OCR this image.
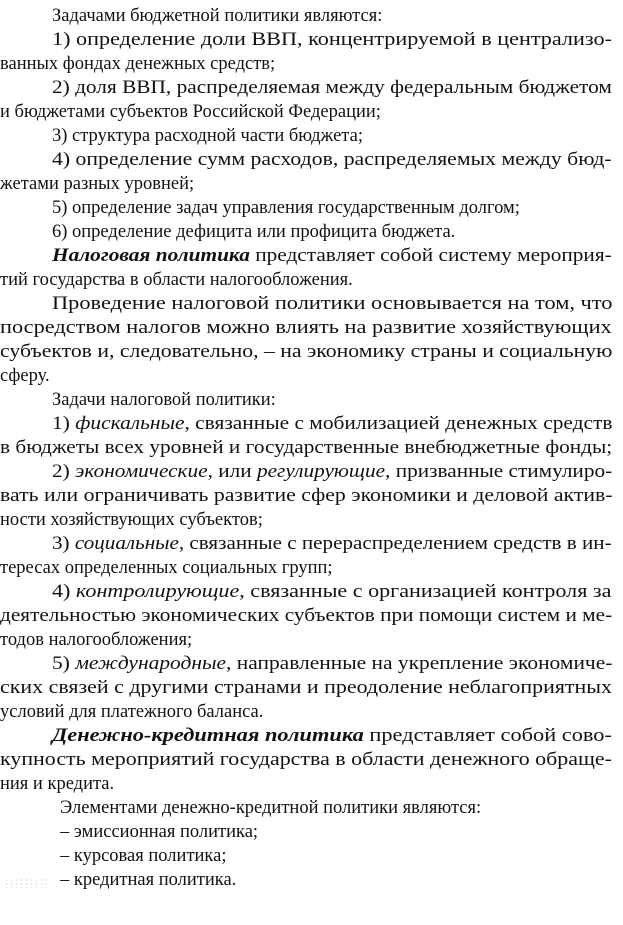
Задачами бюджетной политики являются:
1) определение доли ВВП, концентрируемой в централизо-
ванных фондах денежных средств;
2) доля ВВП, распределяемая между федеральным бюджетом
и бюджетами субъектов Российской Федерации;
3) структура расходной части бюджета;
4) определение сумм расходов, распределяемых между бюд-
жетами разных уровней;
5) определение задач управления государственным долгом;
6) определение дефицита или профицита бюджета.
Налоговая политика представляет собой систему мероприя-
тий государства в области налогообложения.
Проведение налоговой политики основывается на том, что
посредством налогов можно влиять на развитие хозяйствующих
субъектов и, следовательно, – на экономику страны и социальную
сферу.
Задачи налоговой политики:
1) фискальные, связанные с мобилизацией денежных средств
в бюджеты всех уровней и государственные внебюджетные фонды;
2) экономические, или регулирующие, призванные стимулиро-
вать или ограничивать развитие сфер экономики и деловой актив-
ности хозяйствующих субъектов;
3) социальные, связанные с перераспределением средств в ин-
тересах определенных социальных групп;
4) контролирующие, связанные с организацией контроля за
деятельностью экономических субъектов при помощи систем и ме-
тодов налогообложения;
5) международные, направленные на укрепление экономиче-
ских связей с другими странами и преодоление неблагоприятных
условий для платежного баланса.
Денежно-кредитная политика представляет собой сово-
купность мероприятий государства в области денежного обраще-
ния и кредита.
Элементами денежно-кредитной политики являются:
– эмиссионная политика;
– курсовая политика;
– кредитная политика.
